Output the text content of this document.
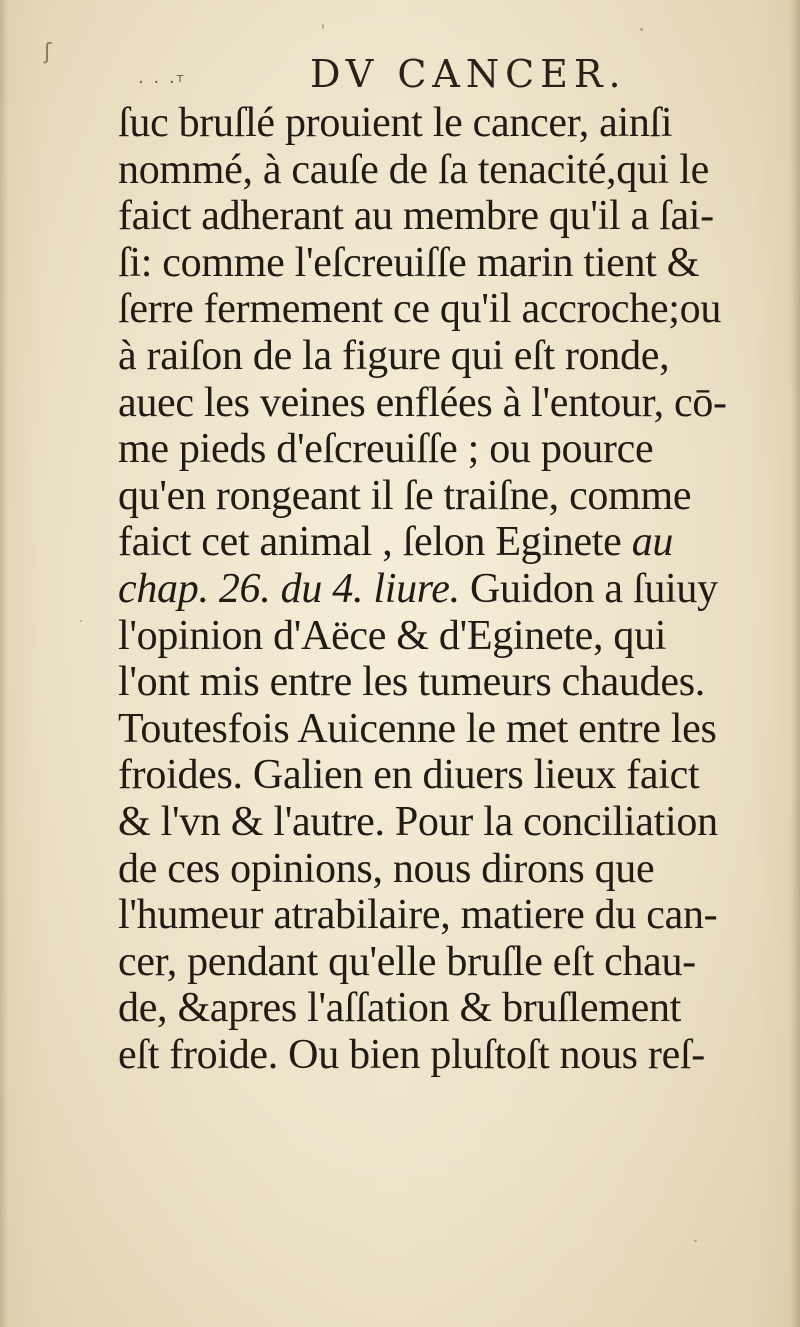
ʃ
· · ·ᵀ	DV CANCER.
ſuc bruſlé prouient le cancer, ainſi
nommé, à cauſe de ſa tenacité,qui le
faict adherant au membre qu'il a ſai-
ſi: comme l'eſcreuiſſe marin tient &
ſerre fermement ce qu'il accroche;ou
à raiſon de la figure qui eſt ronde,
auec les veines enflées à l'entour, cō-
me pieds d'eſcreuiſſe ; ou pource
qu'en rongeant il ſe traiſne, comme
faict cet animal , ſelon Eginete au
chap. 26. du 4. liure. Guidon a ſuiuy
l'opinion d'Aëce & d'Eginete, qui
l'ont mis entre les tumeurs chaudes.
Toutesfois Auicenne le met entre les
froides. Galien en diuers lieux faict
& l'vn & l'autre. Pour la conciliation
de ces opinions, nous dirons que
l'humeur atrabilaire, matiere du can-
cer, pendant qu'elle bruſle eſt chau-
de, &apres l'aſſation & bruſlement
eſt froide. Ou bien pluſtoſt nous reſ-
